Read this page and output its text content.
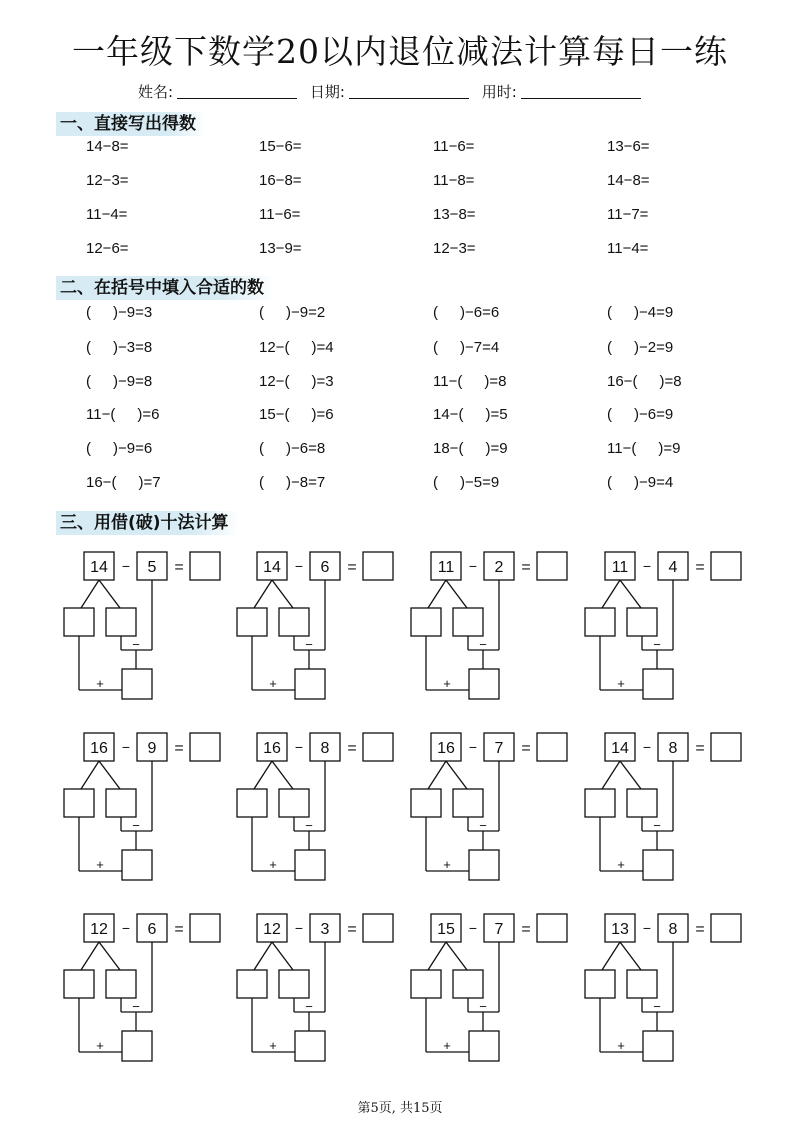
一年级下数学20以内退位减法计算每日一练
姓名:	日期:	用时:
一、直接写出得数
14−8=	15−6=	11−6=	13−6=
12−3=	16−8=	11−8=	14−8=
11−4=	11−6=	13−8=	11−7=
12−6=	13−9=	12−3=	11−4=
二、在括号中填入合适的数
( )−9=3	( )−9=2	( )−6=6	( )−4=9
( )−3=8	12−( )=4	( )−7=4	( )−2=9
( )−9=8	12−( )=3	11−( )=8	16−( )=8
11−( )=6	15−( )=6	14−( )=5	( )−6=9
( )−9=6	( )−6=8	18−( )=9	11−( )=9
16−( )=7	( )−8=7	( )−5=9	( )−9=4
三、用借(破)十法计算
14 − 5 =
−
+
14 − 6 =
−
+
11 − 2 =
−
+
11 − 4 =
−
+
16 − 9 =
−
+
16 − 8 =
−
+
16 − 7 =
−
+
14 − 8 =
−
+
12 − 6 =
−
+
12 − 3 =
−
+
15 − 7 =
−
+
13 − 8 =
−
+
第5页, 共15页
